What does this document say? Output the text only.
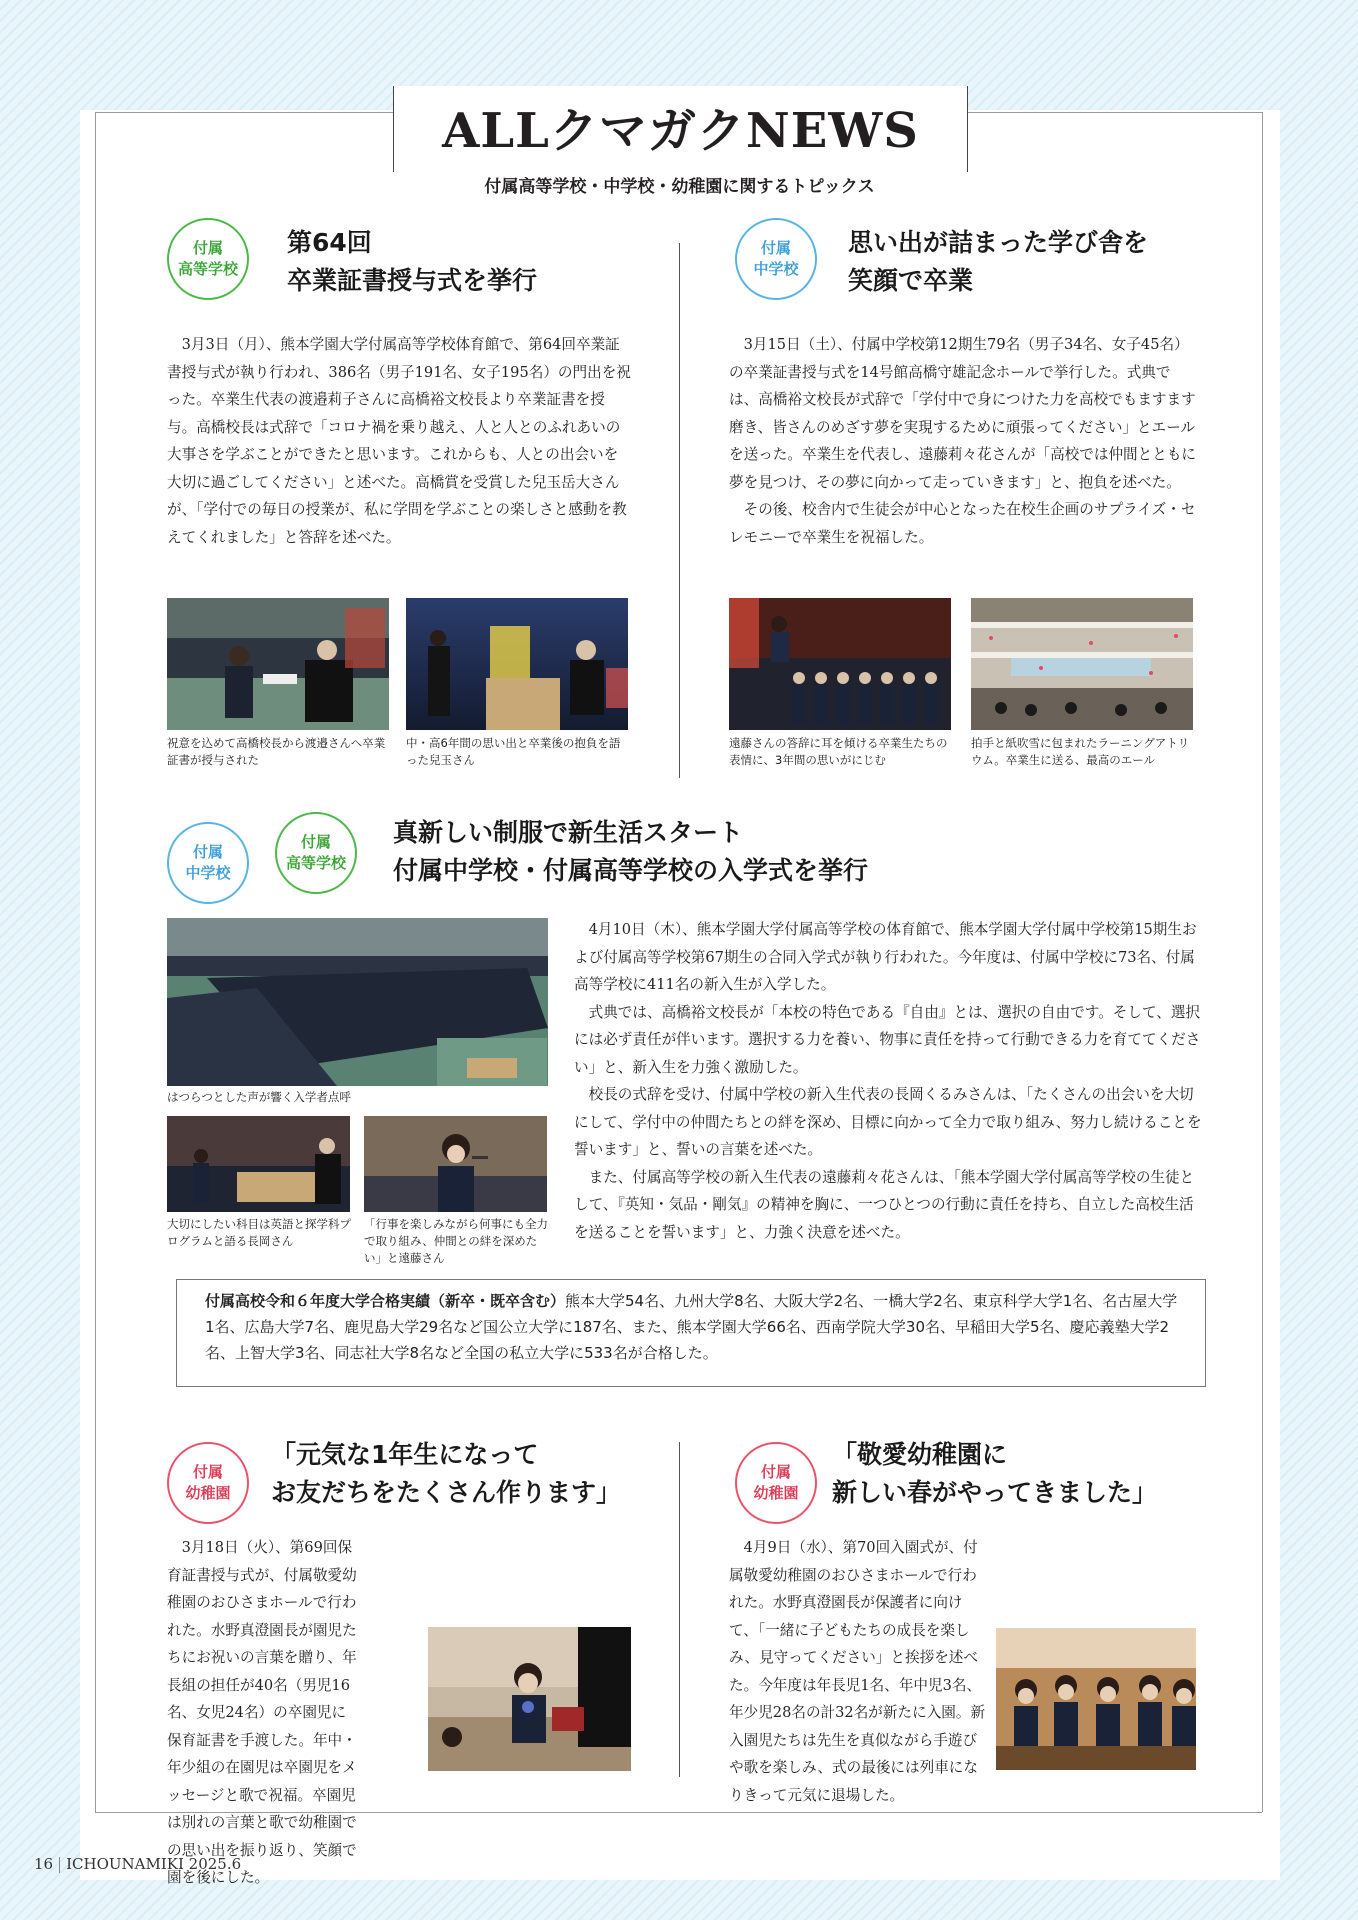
ALLクマガクNEWS
付属高等学校・中学校・幼稚園に関するトピックス
付属
高等学校
第64回
卒業証書授与式を挙行

3月3日（月）、熊本学園大学付属高等学校体育館で、第64回卒業証書授与式が執り行われ、386名（男子191名、女子195名）の門出を祝った。卒業生代表の渡邉莉子さんに高橋裕文校長より卒業証書を授与。高橋校長は式辞で「コロナ禍を乗り越え、人と人とのふれあいの大事さを学ぶことができたと思います。これからも、人との出会いを大切に過ごしてください」と述べた。高橋賞を受賞した兒玉岳大さんが、「学付での毎日の授業が、私に学問を学ぶことの楽しさと感動を教えてくれました」と答辞を述べた。

祝意を込めて高橋校長から渡邉さんへ卒業証書が授与された

中・高6年間の思い出と卒業後の抱負を語った兒玉さん

付属
中学校
思い出が詰まった学び舎を
笑顔で卒業

3月15日（土）、付属中学校第12期生79名（男子34名、女子45名）の卒業証書授与式を14号館高橋守雄記念ホールで挙行した。式典では、高橋裕文校長が式辞で「学付中で身につけた力を高校でもますます磨き、皆さんのめざす夢を実現するために頑張ってください」とエールを送った。卒業生を代表し、遠藤莉々花さんが「高校では仲間とともに夢を見つけ、その夢に向かって走っていきます」と、抱負を述べた。

その後、校舎内で生徒会が中心となった在校生企画のサプライズ・セレモニーで卒業生を祝福した。

遠藤さんの答辞に耳を傾ける卒業生たちの表情に、3年間の思いがにじむ

拍手と紙吹雪に包まれたラーニングアトリウム。卒業生に送る、最高のエール

付属
中学校
付属
高等学校
真新しい制服で新生活スタート
付属中学校・付属高等学校の入学式を挙行

はつらつとした声が響く入学者点呼

大切にしたい科目は英語と探学科プログラムと語る長岡さん

「行事を楽しみながら何事にも全力で取り組み、仲間との絆を深めたい」と遠藤さん

4月10日（木）、熊本学園大学付属高等学校の体育館で、熊本学園大学付属中学校第15期生および付属高等学校第67期生の合同入学式が執り行われた。今年度は、付属中学校に73名、付属高等学校に411名の新入生が入学した。

式典では、高橋裕文校長が「本校の特色である『自由』とは、選択の自由です。そして、選択には必ず責任が伴います。選択する力を養い、物事に責任を持って行動できる力を育ててください」と、新入生を力強く激励した。

校長の式辞を受け、付属中学校の新入生代表の長岡くるみさんは、「たくさんの出会いを大切にして、学付中の仲間たちとの絆を深め、目標に向かって全力で取り組み、努力し続けることを誓います」と、誓いの言葉を述べた。

また、付属高等学校の新入生代表の遠藤莉々花さんは、「熊本学園大学付属高等学校の生徒として、『英知・気品・剛気』の精神を胸に、一つひとつの行動に責任を持ち、自立した高校生活を送ることを誓います」と、力強く決意を述べた。

付属高校令和６年度大学合格実績（新卒・既卒含む）熊本大学54名、九州大学8名、大阪大学2名、一橋大学2名、東京科学大学1名、名古屋大学1名、広島大学7名、鹿児島大学29名など国公立大学に187名、また、熊本学園大学66名、西南学院大学30名、早稲田大学5名、慶応義塾大学2名、上智大学3名、同志社大学8名など全国の私立大学に533名が合格した。
付属
幼稚園
「元気な1年生になって
お友だちをたくさん作ります」

3月18日（火）、第69回保育証書授与式が、付属敬愛幼稚園のおひさまホールで行われた。水野真澄園長が園児たちにお祝いの言葉を贈り、年長組の担任が40名（男児16名、女児24名）の卒園児に保育証書を手渡した。年中・年少組の在園児は卒園児をメッセージと歌で祝福。卒園児は別れの言葉と歌で幼稚園での思い出を振り返り、笑顔で園を後にした。

付属
幼稚園
「敬愛幼稚園に
新しい春がやってきました」

4月9日（水）、第70回入園式が、付属敬愛幼稚園のおひさまホールで行われた。水野真澄園長が保護者に向けて、「一緒に子どもたちの成長を楽しみ、見守ってください」と挨拶を述べた。今年度は年長児1名、年中児3名、年少児28名の計32名が新たに入園。新入園児たちは先生を真似ながら手遊びや歌を楽しみ、式の最後には列車になりきって元気に退場した。

16 ICHOUNAMIKI 2025.6
